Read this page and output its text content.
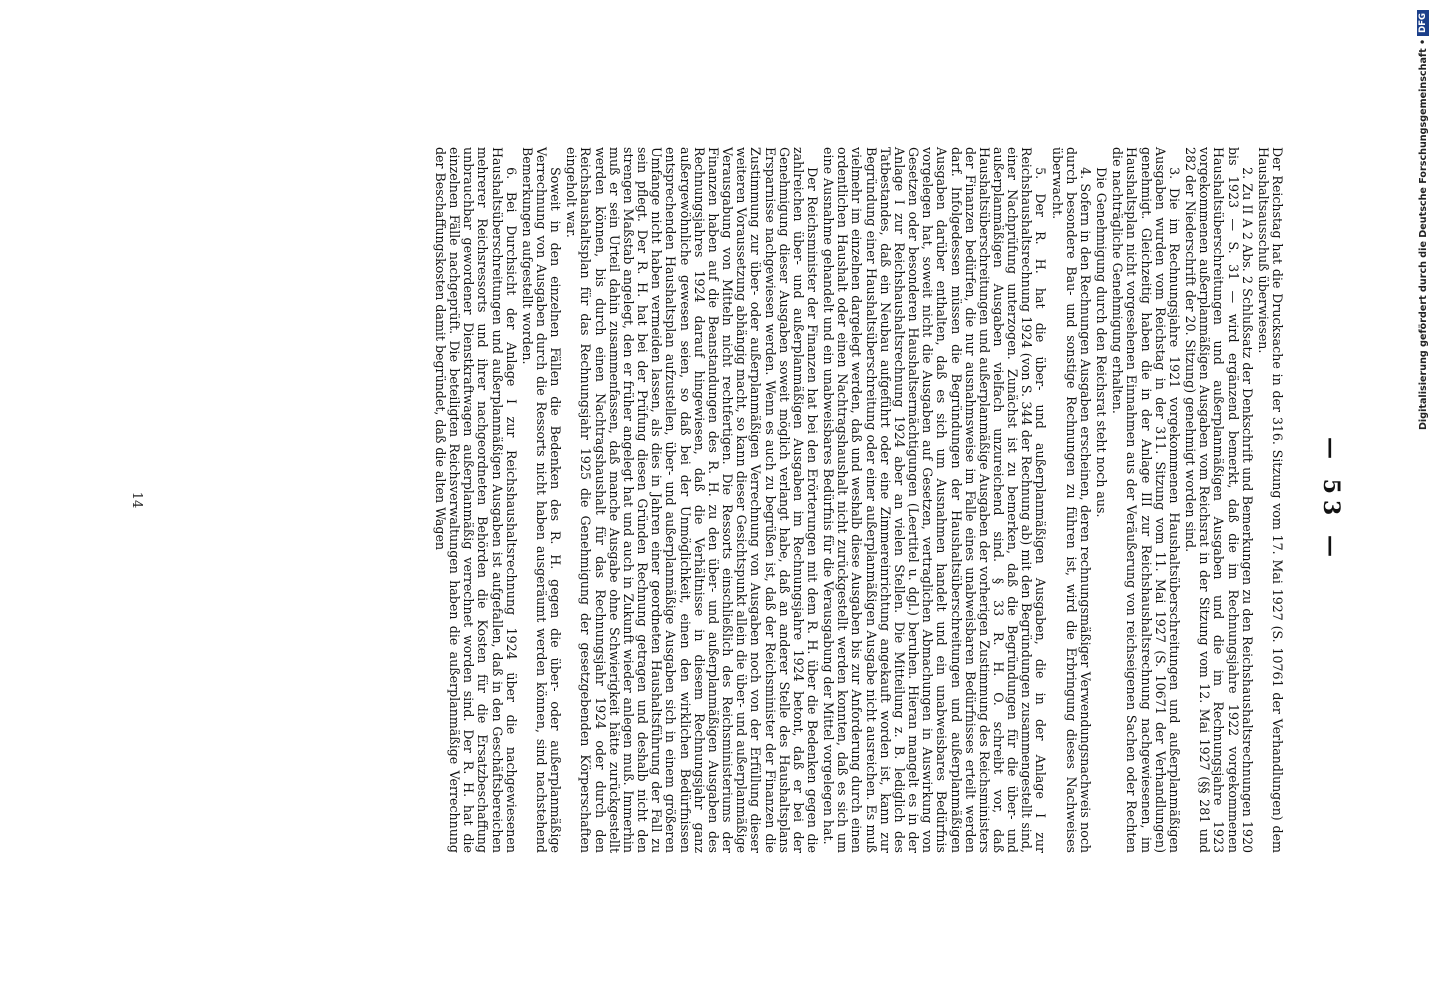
— 53 —

Der Reichstag hat die Drucksache in der 316. Sitzung vom 17. Mai 1927 (S. 10761 der Verhandlungen) dem Haushaltsausschuß überwiesen.

2. Zu II A 2 Abs. 2 Schlußsatz der Denkschrift und Bemerkungen zu den Reichshaushaltsrechnungen 1920 bis 1923 — S. 31 — wird ergänzend bemerkt, daß die im Rechnungsjahre 1922 vorgekommenen Haushaltsüberschreitungen und außerplanmäßigen Ausgaben und die im Rechnungsjahre 1923 vorgekommenen außerplanmäßigen Ausgaben vom Reichsrat in der Sitzung vom 12. Mai 1927 (§§ 281 und 282 der Niederschrift der 20. Sitzung) genehmigt worden sind.

3. Die im Rechnungsjahre 1921 vorgekommenen Haushaltsüberschreitungen und außerplanmäßigen Ausgaben wurden vom Reichstag in der 311. Sitzung vom 11. Mai 1927 (S. 10671 der Verhandlungen) genehmigt. Gleichzeitig haben die in der Anlage III zur Reichshaushaltsrechnung nachgewiesenen, im Haushaltsplan nicht vorgesehenen Einnahmen aus der Veräußerung von reichseigenen Sachen oder Rechten die nachträgliche Genehmigung erhalten.

Die Genehmigung durch den Reichsrat steht noch aus.

4. Sofern in den Rechnungen Ausgaben erscheinen, deren rechnungsmäßiger Verwendungsnachweis noch durch besondere Bau- und sonstige Rechnungen zu führen ist, wird die Erbringung dieses Nachweises überwacht.

5. Der R. H. hat die über- und außerplanmäßigen Ausgaben, die in der Anlage I zur Reichshaushaltsrechnung 1924 (von S. 344 der Rechnung ab) mit den Begründungen zusammengestellt sind, einer Nachprüfung unterzogen. Zunächst ist zu bemerken, daß die Begründungen für die über- und außerplanmäßigen Ausgaben vielfach unzureichend sind. § 33 R. H. O. schreibt vor, daß Haushaltsüberschreitungen und außerplanmäßige Ausgaben der vorherigen Zustimmung des Reichsministers der Finanzen bedürfen, die nur ausnahmsweise im Falle eines unabweisbaren Bedürfnisses erteilt werden darf. Infolgedessen müssen die Begründungen der Haushaltsüberschreitungen und außerplanmäßigen Ausgaben darüber enthalten, daß es sich um Ausnahmen handelt und ein unabweisbares Bedürfnis vorgelegen hat, soweit nicht die Ausgaben auf Gesetzen, vertraglichen Abmachungen in Auswirkung von Gesetzen oder besonderen Haushaltsermächtigungen (Leertitel u. dgl.) beruhen. Hieran mangelt es in der Anlage I zur Reichshaushaltsrechnung 1924 aber an vielen Stellen. Die Mitteilung z. B. lediglich des Tatbestandes, daß ein Neubau aufgeführt oder eine Zimmereinrichtung angekauft worden ist, kann zur Begründung einer Haushaltsüberschreitung oder einer außerplanmäßigen Ausgabe nicht ausreichen. Es muß vielmehr im einzelnen dargelegt werden, daß und weshalb diese Ausgaben bis zur Anforderung durch einen ordentlichen Haushalt oder einen Nachtragshaushalt nicht zurückgestellt werden konnten, daß es sich um eine Ausnahme gehandelt und ein unabweisbares Bedürfnis für die Verausgabung der Mittel vorgelegen hat.

Der Reichsminister der Finanzen hat bei den Erörterungen mit dem R. H. über die Bedenken gegen die zahlreichen über- und außerplanmäßigen Ausgaben im Rechnungsjahre 1924 betont, daß er bei der Genehmigung dieser Ausgaben soweit möglich verlangt habe, daß an anderer Stelle des Haushaltsplans Ersparnisse nachgewiesen werden. Wenn es auch zu begrüßen ist, daß der Reichsminister der Finanzen die Zustimmung zur über- oder außerplanmäßigen Verrechnung von Ausgaben noch von der Erfüllung dieser weiteren Voraussetzung abhängig macht, so kann dieser Gesichtspunkt allein die über- und außerplanmäßige Verausgabung von Mitteln nicht rechtfertigen. Die Ressorts einschließlich des Reichsministeriums der Finanzen haben auf die Beanstandungen des R. H. zu den über- und außerplanmäßigen Ausgaben des Rechnungsjahres 1924 darauf hingewiesen, daß die Verhältnisse in diesem Rechnungsjahr ganz außergewöhnliche gewesen seien, so daß bei der Unmöglichkeit, einen den wirklichen Bedürfnissen entsprechenden Haushaltsplan aufzustellen, über- und außerplanmäßige Ausgaben sich in einem größeren Umfange nicht haben vermeiden lassen, als dies in Jahren einer geordneten Haushaltsführung der Fall zu sein pflegt. Der R. H. hat bei der Prüfung diesen Gründen Rechnung getragen und deshalb nicht den strengen Maßstab angelegt, den er früher angelegt hat und auch in Zukunft wieder anlegen muß. Immerhin muß er sein Urteil dahin zusammenfassen, daß manche Ausgabe ohne Schwierigkeit hätte zurückgestellt werden können, bis durch einen Nachtragshaushalt für das Rechnungsjahr 1924 oder durch den Reichshaushaltsplan für das Rechnungsjahr 1925 die Genehmigung der gesetzgebenden Körperschaften eingeholt war.

Soweit in den einzelnen Fällen die Bedenken des R. H. gegen die über- oder außerplanmäßige Verrechnung von Ausgaben durch die Ressorts nicht haben ausgeräumt werden können, sind nachstehend Bemerkungen aufgestellt worden.

6. Bei Durchsicht der Anlage I zur Reichshaushaltsrechnung 1924 über die nachgewiesenen Haushaltsüberschreitungen und außerplanmäßigen Ausgaben ist aufgefallen, daß in den Geschäftsbereichen mehrerer Reichsressorts und ihrer nachgeordneten Behörden die Kosten für die Ersatzbeschaffung unbrauchbar gewordener Dienstkraftwagen außerplanmäßig verrechnet worden sind. Der R. H. hat die einzelnen Fälle nachgeprüft. Die beteiligten Reichsverwaltungen haben die außerplanmäßige Verrechnung der Beschaffungskosten damit begründet, daß die alten Wagen

14
Digitalisierung gefördert durch die Deutsche Forschungsgemeinschaft •
DFG
